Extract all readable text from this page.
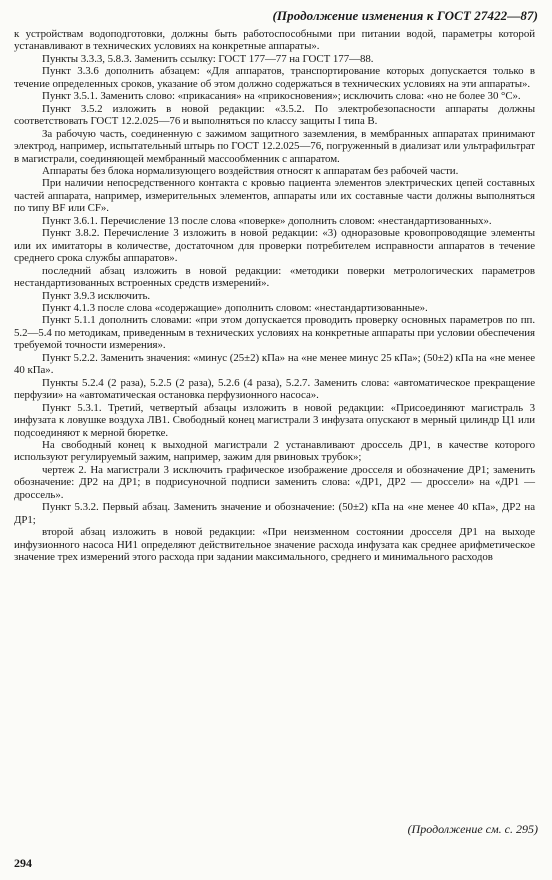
(Продолжение изменения к ГОСТ 27422—87)

к устройствам водоподготовки, должны быть работоспособными при питании водой, параметры которой устанавливают в технических условиях на конкретные аппараты».

Пункты 3.3.3, 5.8.3. Заменить ссылку: ГОСТ 177—77 на ГОСТ 177—88.

Пункт 3.3.6 дополнить абзацем: «Для аппаратов, транспортирование которых допускается только в течение определенных сроков, указание об этом должно содержаться в технических условиях на эти аппараты».

Пункт 3.5.1. Заменить слово: «прикасания» на «прикосновения»; исключить слова: «но не более 30 °С».

Пункт 3.5.2 изложить в новой редакции: «3.5.2. По электробезопасности аппараты должны соответствовать ГОСТ 12.2.025—76 и выполняться по классу защиты I типа В.

За рабочую часть, соединенную с зажимом защитного заземления, в мембранных аппаратах принимают электрод, например, испытательный штырь по ГОСТ 12.2.025—76, погруженный в диализат или ультрафильтрат в магистрали, соединяющей мембранный массообменник с аппаратом.

Аппараты без блока нормализующего воздействия относят к аппаратам без рабочей части.

При наличии непосредственного контакта с кровью пациента элементов электрических цепей составных частей аппарата, например, измерительных элементов, аппараты или их составные части должны выполняться по типу BF или CF».

Пункт 3.6.1. Перечисление 13 после слова «поверке» дополнить словом: «нестандартизованных».

Пункт 3.8.2. Перечисление 3 изложить в новой редакции: «3) одноразовые кровопроводящие элементы или их имитаторы в количестве, достаточном для проверки потребителем исправности аппаратов в течение среднего срока службы аппаратов».

последний абзац изложить в новой редакции: «методики поверки метрологических параметров нестандартизованных встроенных средств измерений».

Пункт 3.9.3 исключить.

Пункт 4.1.3 после слова «содержащие» дополнить словом: «нестандартизованные».

Пункт 5.1.1 дополнить словами: «при этом допускается проводить проверку основных параметров по пп. 5.2—5.4 по методикам, приведенным в технических условиях на конкретные аппараты при условии обеспечения требуемой точности измерения».

Пункт 5.2.2. Заменить значения: «минус (25±2) кПа» на «не менее минус 25 кПа»; (50±2) кПа на «не менее 40 кПа».

Пункты 5.2.4 (2 раза), 5.2.5 (2 раза), 5.2.6 (4 раза), 5.2.7. Заменить слова: «автоматическое прекращение перфузии» на «автоматическая остановка перфузионного насоса».

Пункт 5.3.1. Третий, четвертый абзацы изложить в новой редакции: «Присоединяют магистраль 3 инфузата к ловушке воздуха ЛВ1. Свободный конец магистрали 3 инфузата опускают в мерный цилиндр Ц1 или подсоединяют к мерной бюретке.

На свободный конец к выходной магистрали 2 устанавливают дроссель ДР1, в качестве которого используют регулируемый зажим, например, зажим для рвиновых трубок»;

чертеж 2. На магистрали 3 исключить графическое изображение дросселя и обозначение ДР1; заменить обозначение: ДР2 на ДР1; в подрисуночной подписи заменить слова: «ДР1, ДР2 — дроссели» на «ДР1 — дроссель».

Пункт 5.3.2. Первый абзац. Заменить значение и обозначение: (50±2) кПа на «не менее 40 кПа», ДР2 на ДР1;

второй абзац изложить в новой редакции: «При неизменном состоянии дросселя ДР1 на выходе инфузионного насоса НИ1 определяют действительное значение расхода инфузата как среднее арифметическое значение трех измерений этого расхода при задании максимального, среднего и минимального расходов

(Продолжение см. с. 295)
294
